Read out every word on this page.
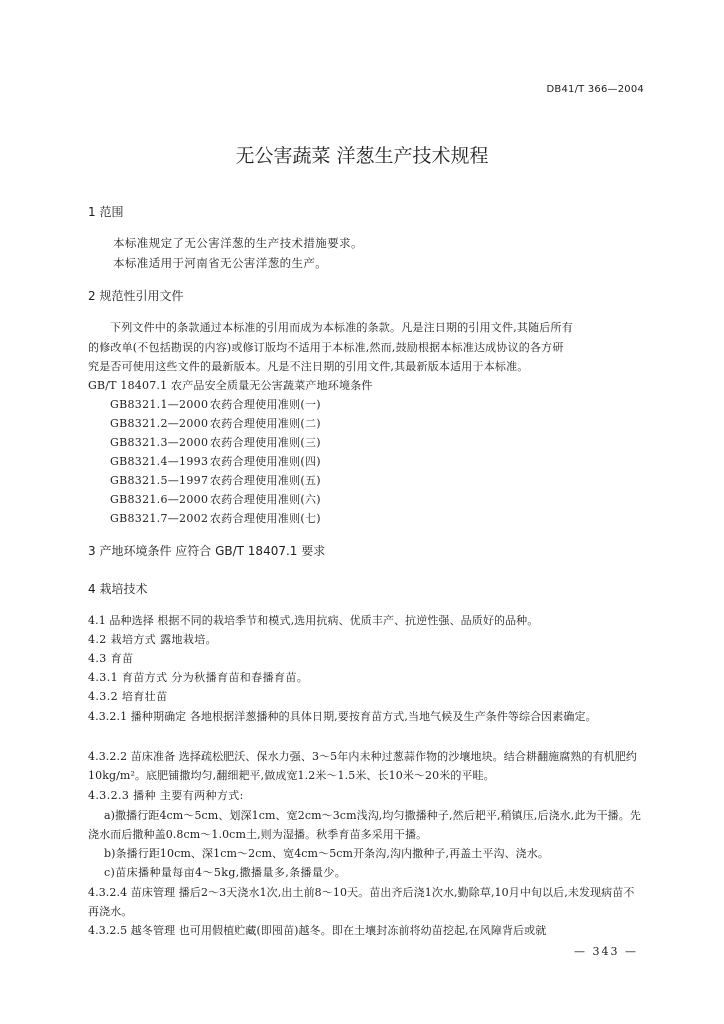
DB41/T 366—2004
无公害蔬菜 洋葱生产技术规程
1 范围
本标准规定了无公害洋葱的生产技术措施要求。
本标准适用于河南省无公害洋葱的生产。
2 规范性引用文件
下列文件中的条款通过本标准的引用而成为本标准的条款。凡是注日期的引用文件,其随后所有
的修改单(不包括勘误的内容)或修订版均不适用于本标准,然而,鼓励根据本标准达成协议的各方研
究是否可使用这些文件的最新版本。凡是不注日期的引用文件,其最新版本适用于本标准。
GB/T 18407.1 农产品安全质量无公害蔬菜产地环境条件
GB8321.1—2000 农药合理使用准则(一)
GB8321.2—2000 农药合理使用准则(二)
GB8321.3—2000 农药合理使用准则(三)
GB8321.4—1993 农药合理使用准则(四)
GB8321.5—1997 农药合理使用准则(五)
GB8321.6—2000 农药合理使用准则(六)
GB8321.7—2002 农药合理使用准则(七)
3 产地环境条件 应符合 GB/T 18407.1 要求
4 栽培技术
4.1 品种选择 根据不同的栽培季节和模式,选用抗病、优质丰产、抗逆性强、品质好的品种。
4.2 栽培方式 露地栽培。
4.3 育苗
4.3.1 育苗方式 分为秋播育苗和春播育苗。
4.3.2 培育壮苗
4.3.2.1 播种期确定 各地根据洋葱播种的具体日期,要按育苗方式,当地气候及生产条件等综合因素确定。
4.3.2.2 苗床准备 选择疏松肥沃、保水力强、3～5年内未种过葱蒜作物的沙壤地块。结合耕翻施腐熟的有机肥约10kg/m²。底肥铺撒均匀,翻细耙平,做成宽1.2米～1.5米、长10米～20米的平畦。
4.3.2.3 播种 主要有两种方式:
a)撒播行距4cm～5cm、划深1cm、宽2cm～3cm浅沟,均匀撒播种子,然后耙平,稍镇压,后浇水,此为干播。先浇水而后撒种盖0.8cm～1.0cm土,则为湿播。秋季育苗多采用干播。
b)条播行距10cm、深1cm～2cm、宽4cm～5cm开条沟,沟内撒种子,再盖土平沟、浇水。
c)苗床播种量每亩4～5kg,撒播量多,条播量少。
4.3.2.4 苗床管理 播后2～3天浇水1次,出土前8～10天。苗出齐后浇1次水,勤除草,10月中旬以后,未发现病苗不再浇水。
4.3.2.5 越冬管理 也可用假植贮藏(即囤苗)越冬。即在土壤封冻前将幼苗挖起,在风障背后或就
— 343 —
